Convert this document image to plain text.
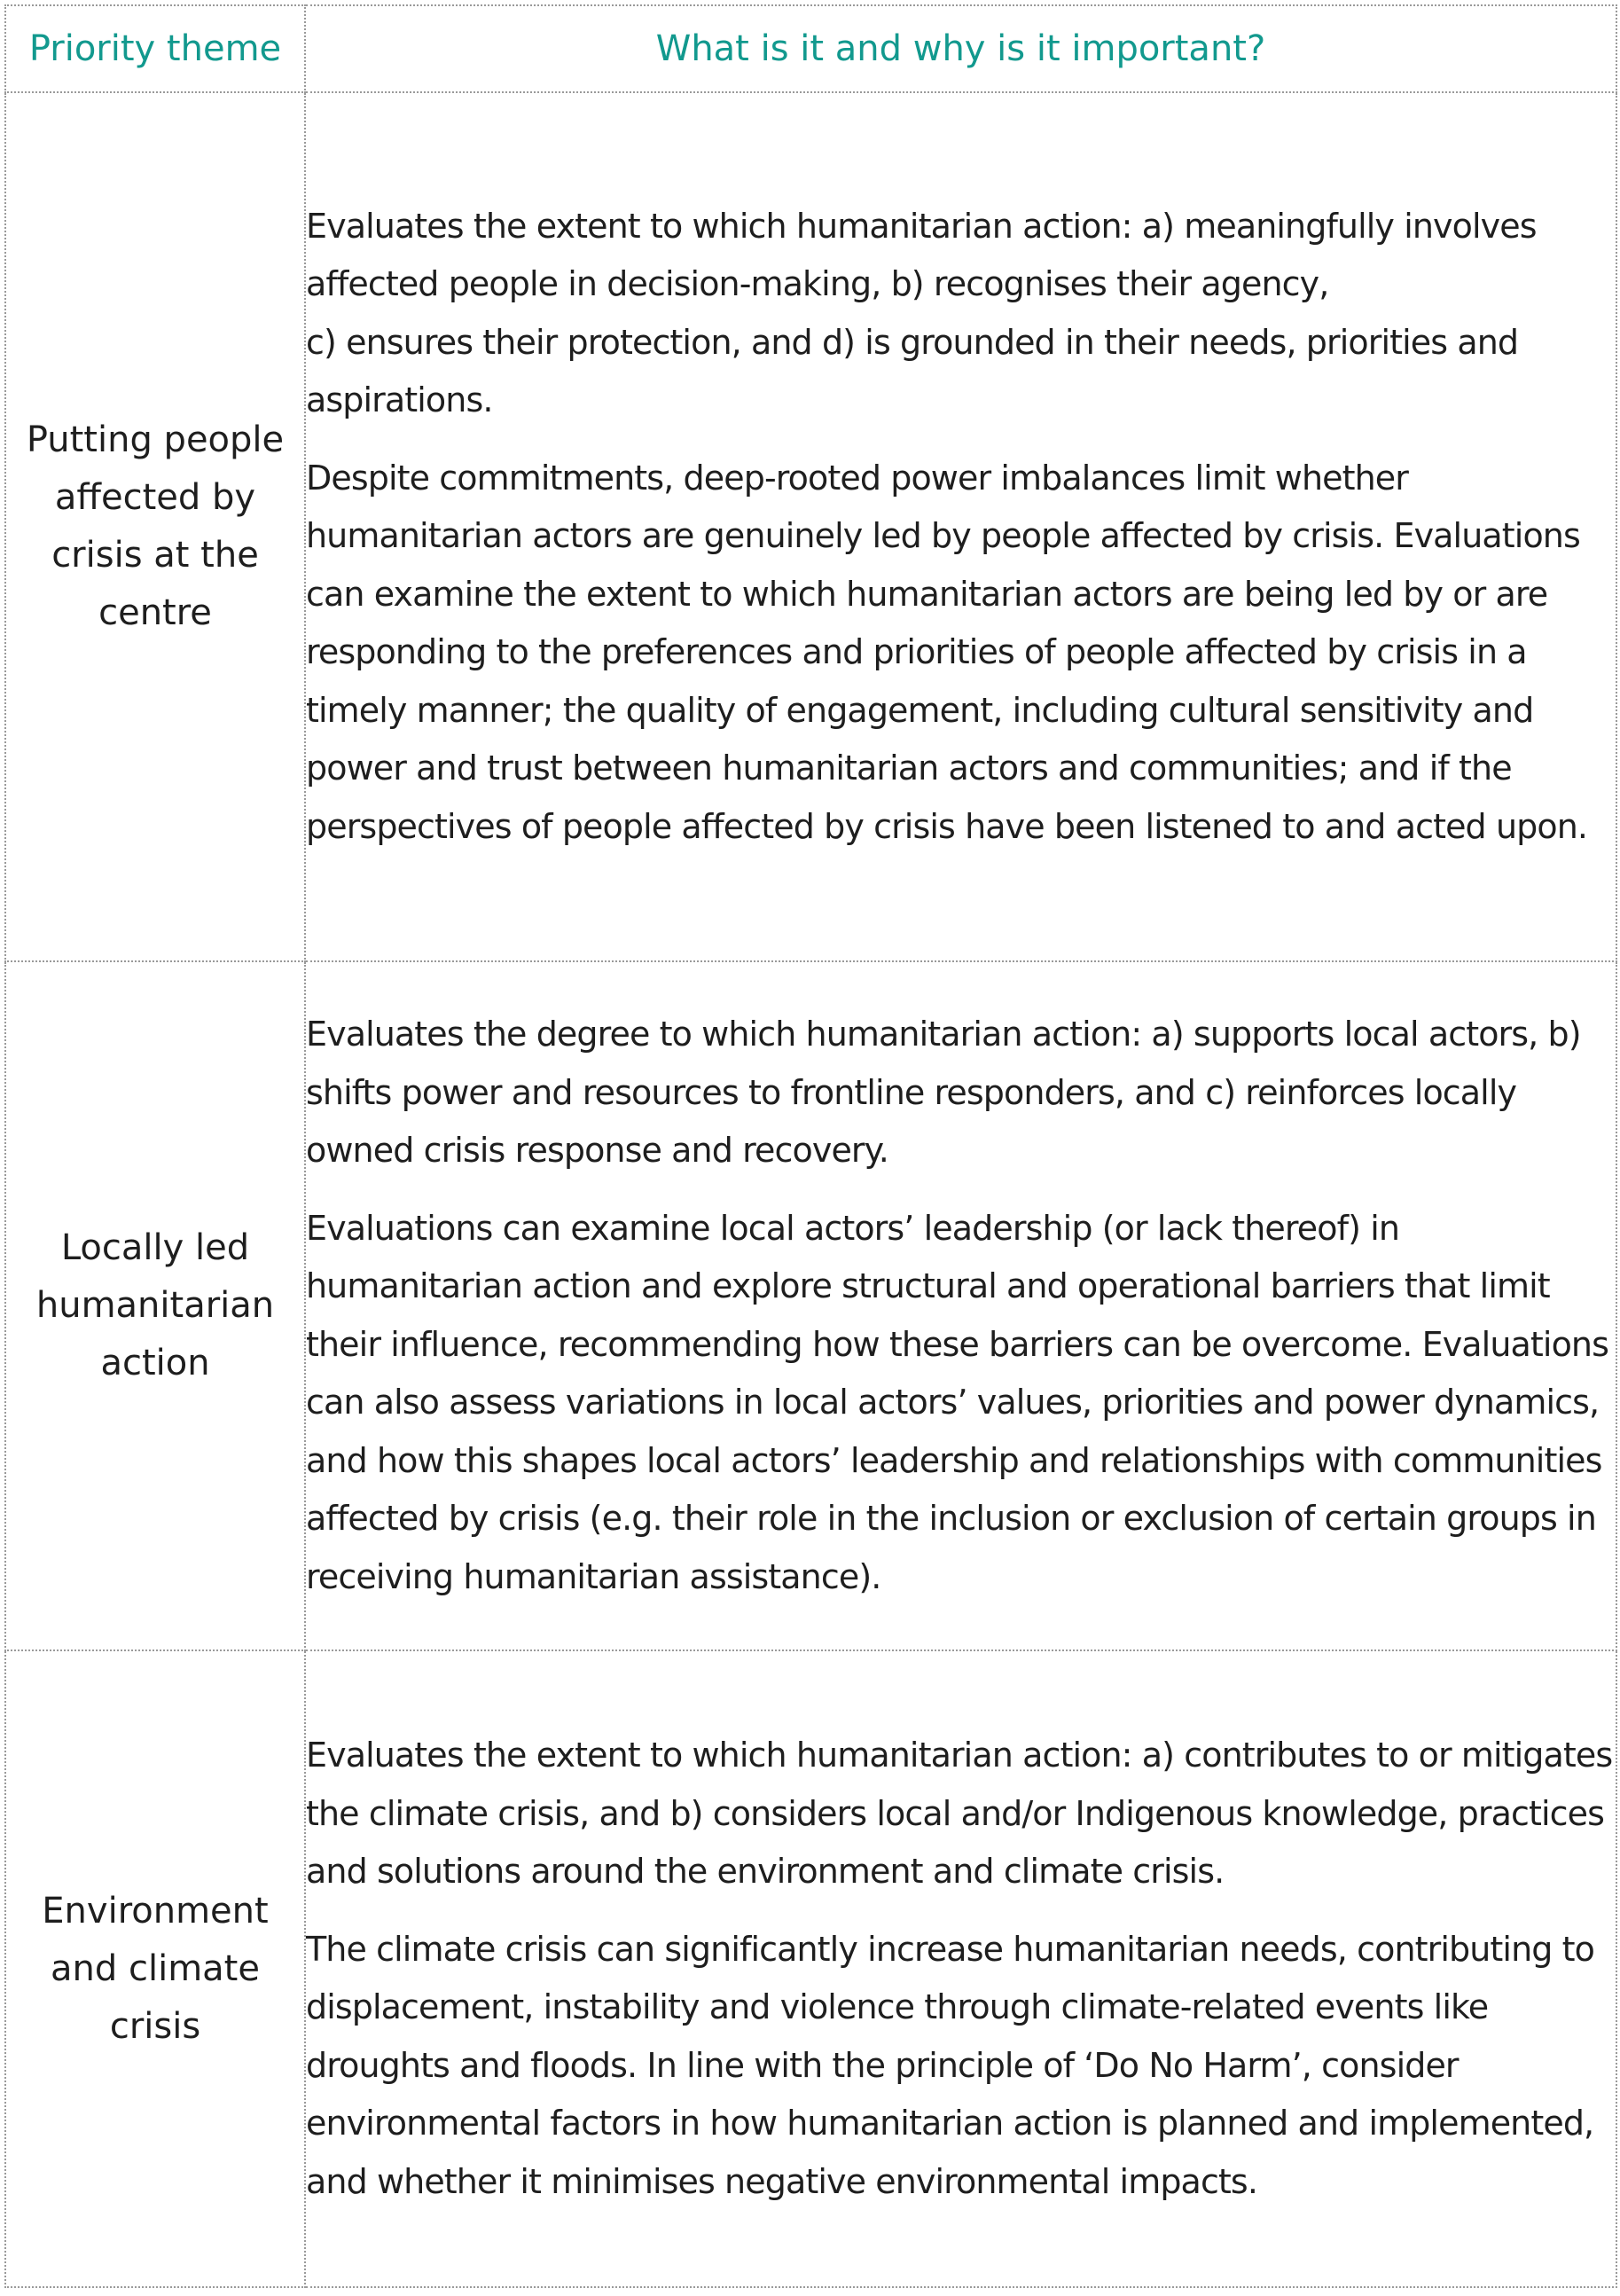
Priority theme	What is it and why is it important?
Putting people affected by crisis at the centre	Evaluates the extent to which humanitarian action: a) meaningfully involves affected people in decision-making, b) recognises their agency,
c) ensures their protection, and d) is grounded in their needs, priorities and aspirations.

Despite commitments, deep-rooted power imbalances limit whether humanitarian actors are genuinely led by people affected by crisis. Evaluations can examine the extent to which humanitarian actors are being led by or are responding to the preferences and priorities of people affected by crisis in a timely manner; the quality of engagement, including cultural sensitivity and power and trust between humanitarian actors and communities; and if the perspectives of people affected by crisis have been listened to and acted upon.

Locally led humanitarian action	Evaluates the degree to which humanitarian action: a) supports local actors, b) shifts power and resources to frontline responders, and c) reinforces locally owned crisis response and recovery.

Evaluations can examine local actors’ leadership (or lack thereof) in humanitarian action and explore structural and operational barriers that limit their influence, recommending how these barriers can be overcome. Evaluations can also assess variations in local actors’ values, priorities and power dynamics, and how this shapes local actors’ leadership and relationships with communities affected by crisis (e.g. their role in the inclusion or exclusion of certain groups in receiving humanitarian assistance).

Environment and climate crisis	Evaluates the extent to which humanitarian action: a) contributes to or mitigates the climate crisis, and b) considers local and/or Indigenous knowledge, practices and solutions around the environment and climate crisis.

The climate crisis can significantly increase humanitarian needs, contributing to displacement, instability and violence through climate-related events like droughts and floods. In line with the principle of ‘Do No Harm’, consider environmental factors in how humanitarian action is planned and implemented, and whether it minimises negative environmental impacts.
